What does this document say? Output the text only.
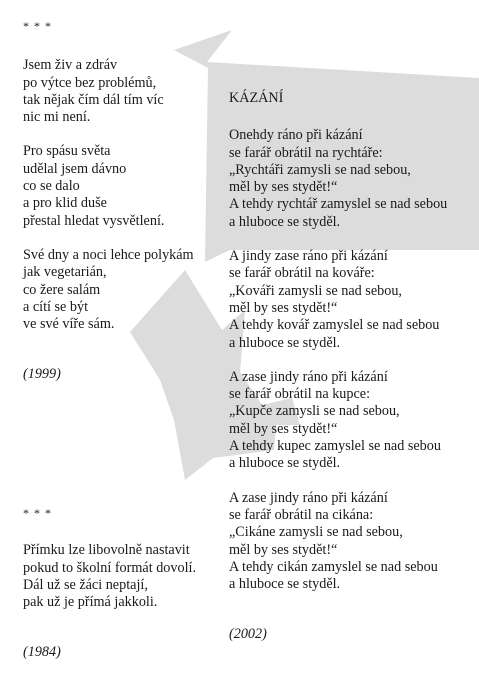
* * *
Jsem živ a zdráv
po výtce bez problémů,
tak nějak čím dál tím víc
nic mi není.
Pro spásu světa
udělal jsem dávno
co se dalo
a pro klid duše
přestal hledat vysvětlení.
Své dny a noci lehce polykám
jak vegetarián,
co žere salám
a cítí se být
ve své víře sám.
(1999)
* * *
Přímku lze libovolně nastavit
pokud to školní formát dovolí.
Dál už se žáci neptají,
pak už je přímá jakkoli.
(1984)
KÁZÁNÍ
Onehdy ráno při kázání
se farář obrátil na rychtáře:
„Rychtáři zamysli se nad sebou,
měl by ses stydět!“
A tehdy rychtář zamyslel se nad sebou
a hluboce se styděl.
A jindy zase ráno při kázání
se farář obrátil na kováře:
„Kováři zamysli se nad sebou,
měl by ses stydět!“
A tehdy kovář zamyslel se nad sebou
a hluboce se styděl.
A zase jindy ráno při kázání
se farář obrátil na kupce:
„Kupče zamysli se nad sebou,
měl by ses stydět!“
A tehdy kupec zamyslel se nad sebou
a hluboce se styděl.
A zase jindy ráno při kázání
se farář obrátil na cikána:
„Cikáne zamysli se nad sebou,
měl by ses stydět!“
A tehdy cikán zamyslel se nad sebou
a hluboce se styděl.
(2002)
